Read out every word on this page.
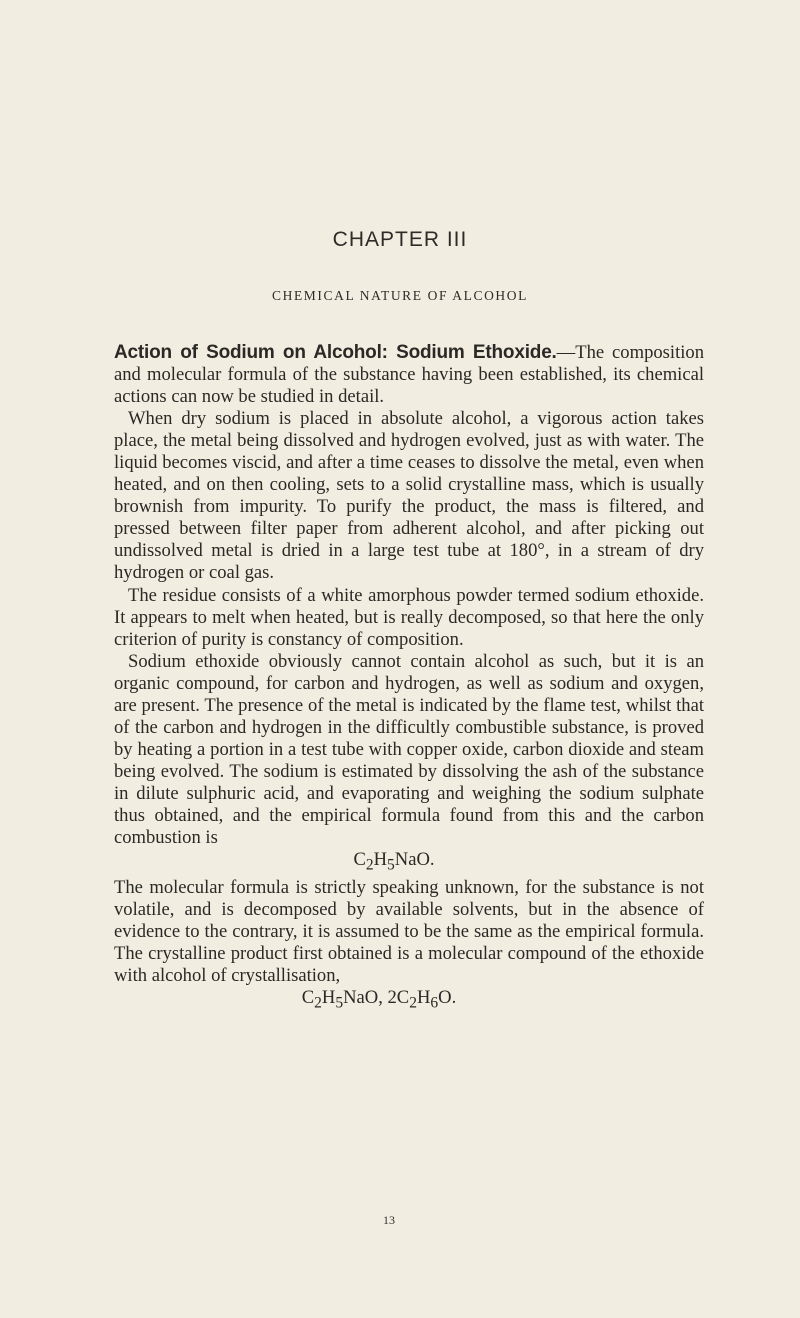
CHAPTER III
CHEMICAL NATURE OF ALCOHOL

Action of Sodium on Alcohol: Sodium Ethoxide.—The composition and molecular formula of the substance having been established, its chemical actions can now be studied in detail.

When dry sodium is placed in absolute alcohol, a vigorous action takes place, the metal being dissolved and hydrogen evolved, just as with water. The liquid becomes viscid, and after a time ceases to dissolve the metal, even when heated, and on then cooling, sets to a solid crystalline mass, which is usually brownish from impurity. To purify the product, the mass is filtered, and pressed between filter paper from adherent alcohol, and after picking out undissolved metal is dried in a large test tube at 180°, in a stream of dry hydrogen or coal gas.

The residue consists of a white amorphous powder termed sodium ethoxide. It appears to melt when heated, but is really decomposed, so that here the only criterion of purity is constancy of composition.

Sodium ethoxide obviously cannot contain alcohol as such, but it is an organic compound, for carbon and hydrogen, as well as sodium and oxygen, are present. The presence of the metal is indicated by the flame test, whilst that of the carbon and hydrogen in the difficultly combustible substance, is proved by heating a portion in a test tube with copper oxide, carbon dioxide and steam being evolved. The sodium is estimated by dissolving the ash of the substance in dilute sulphuric acid, and evaporating and weighing the sodium sulphate thus obtained, and the empirical formula found from this and the carbon combustion is

$C_2H_5NaO$.

The molecular formula is strictly speaking unknown, for the substance is not volatile, and is decomposed by available solvents, but in the absence of evidence to the contrary, it is assumed to be the same as the empirical formula. The crystalline product first obtained is a molecular compound of the ethoxide with alcohol of crystallisation,

$C_2H_5NaO$, $2C_2H_6O$.

13
